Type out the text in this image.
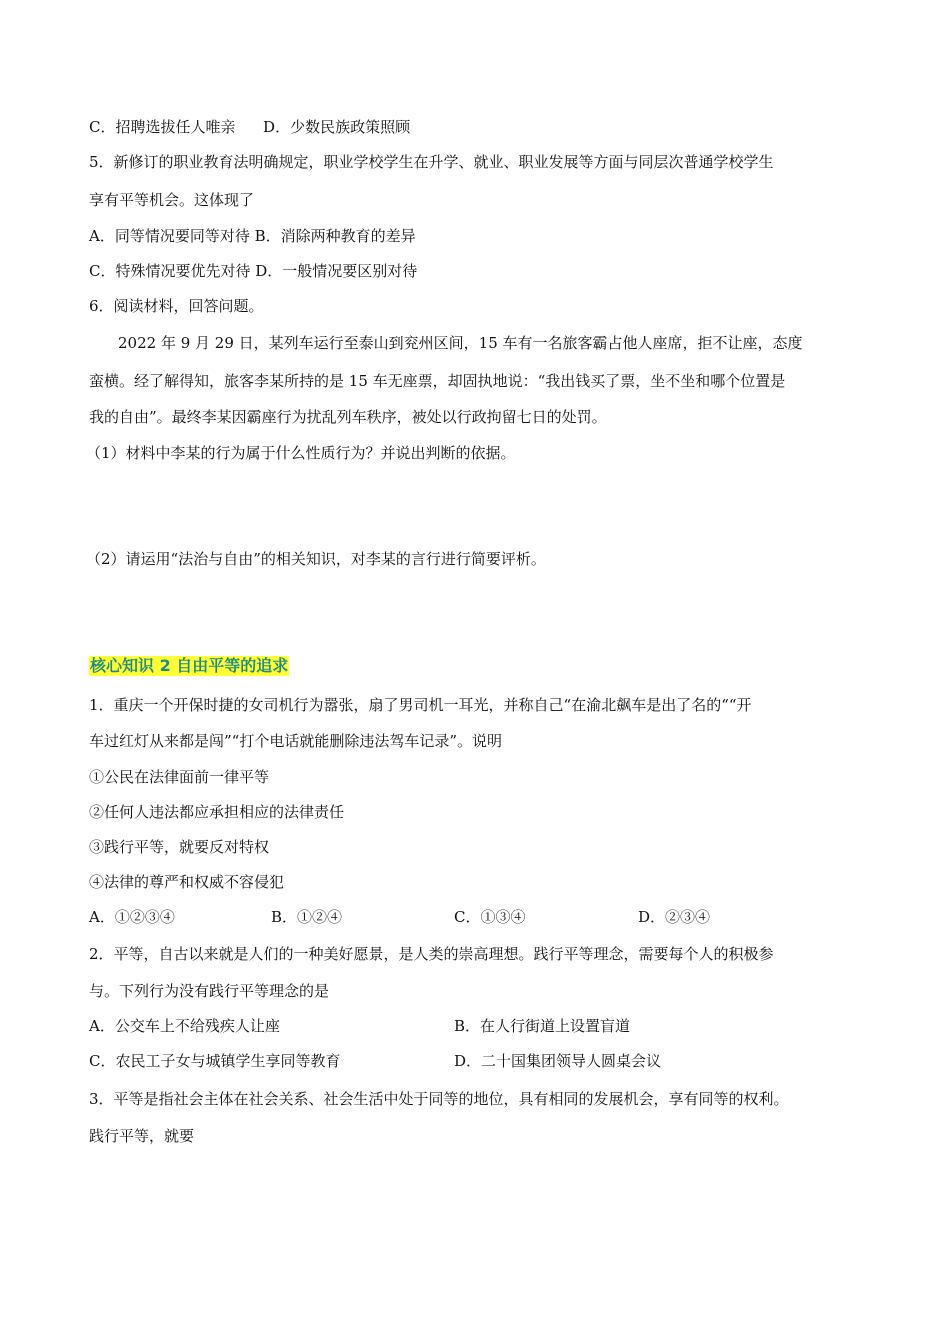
C．招聘选拔任人唯亲 D．少数民族政策照顾
5．新修订的职业教育法明确规定，职业学校学生在升学、就业、职业发展等方面与同层次普通学校学生
享有平等机会。这体现了
A．同等情况要同等对待 B．消除两种教育的差异
C．特殊情况要优先对待 D．一般情况要区别对待
6．阅读材料，回答问题。
2022 年 9 月 29 日，某列车运行至泰山到兖州区间，15 车有一名旅客霸占他人座席，拒不让座，态度
蛮横。经了解得知，旅客李某所持的是 15 车无座票，却固执地说：“我出钱买了票，坐不坐和哪个位置是
我的自由”。最终李某因霸座行为扰乱列车秩序，被处以行政拘留七日的处罚。
（1）材料中李某的行为属于什么性质行为？并说出判断的依据。
（2）请运用“法治与自由”的相关知识，对李某的言行进行简要评析。
核心知识 2 自由平等的追求
1．重庆一个开保时捷的女司机行为嚣张，扇了男司机一耳光，并称自己“在渝北飙车是出了名的““开
车过红灯从来都是闯”“打个电话就能删除违法驾车记录”。说明
①公民在法律面前一律平等
②任何人违法都应承担相应的法律责任
③践行平等，就要反对特权
④法律的尊严和权威不容侵犯
A．①②③④	B．①②④	C．①③④	D．②③④
2．平等，自古以来就是人们的一种美好愿景，是人类的崇高理想。践行平等理念，需要每个人的积极参
与。下列行为没有践行平等理念的是
A．公交车上不给残疾人让座	B．在人行街道上设置盲道
C．农民工子女与城镇学生享同等教育	D．二十国集团领导人圆桌会议
3．平等是指社会主体在社会关系、社会生活中处于同等的地位，具有相同的发展机会，享有同等的权利。
践行平等，就要
